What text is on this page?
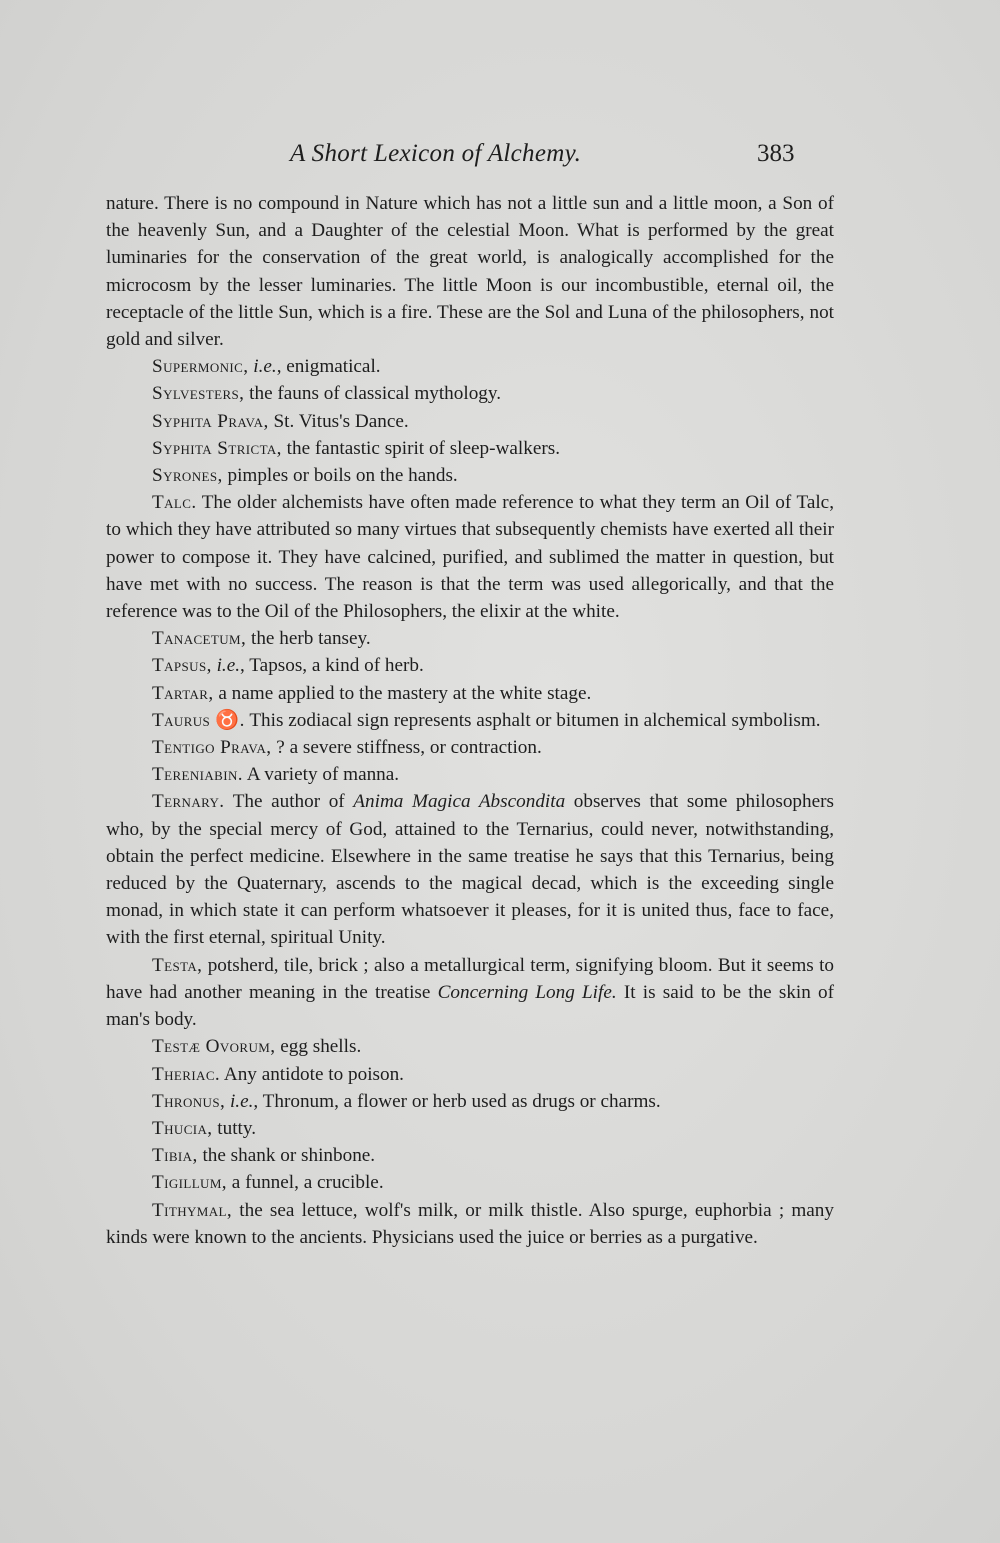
A Short Lexicon of Alchemy.	383

nature. There is no compound in Nature which has not a little sun and a little moon, a Son of the heavenly Sun, and a Daughter of the celestial Moon. What is performed by the great luminaries for the conservation of the great world, is analogically accomplished for the microcosm by the lesser luminaries. The little Moon is our incombustible, eternal oil, the receptacle of the little Sun, which is a fire. These are the Sol and Luna of the philosophers, not gold and silver.

Supermonic, i.e., enigmatical.

Sylvesters, the fauns of classical mythology.

Syphita Prava, St. Vitus's Dance.

Syphita Stricta, the fantastic spirit of sleep-walkers.

Syrones, pimples or boils on the hands.

Talc. The older alchemists have often made reference to what they term an Oil of Talc, to which they have attributed so many virtues that subsequently chemists have exerted all their power to compose it. They have calcined, purified, and sublimed the matter in question, but have met with no success. The reason is that the term was used allegorically, and that the reference was to the Oil of the Philosophers, the elixir at the white.

Tanacetum, the herb tansey.

Tapsus, i.e., Tapsos, a kind of herb.

Tartar, a name applied to the mastery at the white stage.

Taurus ♉. This zodiacal sign represents asphalt or bitumen in alchemical symbolism.

Tentigo Prava, ? a severe stiffness, or contraction.

Tereniabin. A variety of manna.

Ternary. The author of Anima Magica Abscondita observes that some philosophers who, by the special mercy of God, attained to the Ternarius, could never, notwithstanding, obtain the perfect medicine. Elsewhere in the same treatise he says that this Ternarius, being reduced by the Quaternary, ascends to the magical decad, which is the exceeding single monad, in which state it can perform whatsoever it pleases, for it is united thus, face to face, with the first eternal, spiritual Unity.

Testa, potsherd, tile, brick ; also a metallurgical term, signifying bloom. But it seems to have had another meaning in the treatise Concerning Long Life. It is said to be the skin of man's body.

Testæ Ovorum, egg shells.

Theriac. Any antidote to poison.

Thronus, i.e., Thronum, a flower or herb used as drugs or charms.

Thucia, tutty.

Tibia, the shank or shinbone.

Tigillum, a funnel, a crucible.

Tithymal, the sea lettuce, wolf's milk, or milk thistle. Also spurge, euphorbia ; many kinds were known to the ancients. Physicians used the juice or berries as a purgative.
